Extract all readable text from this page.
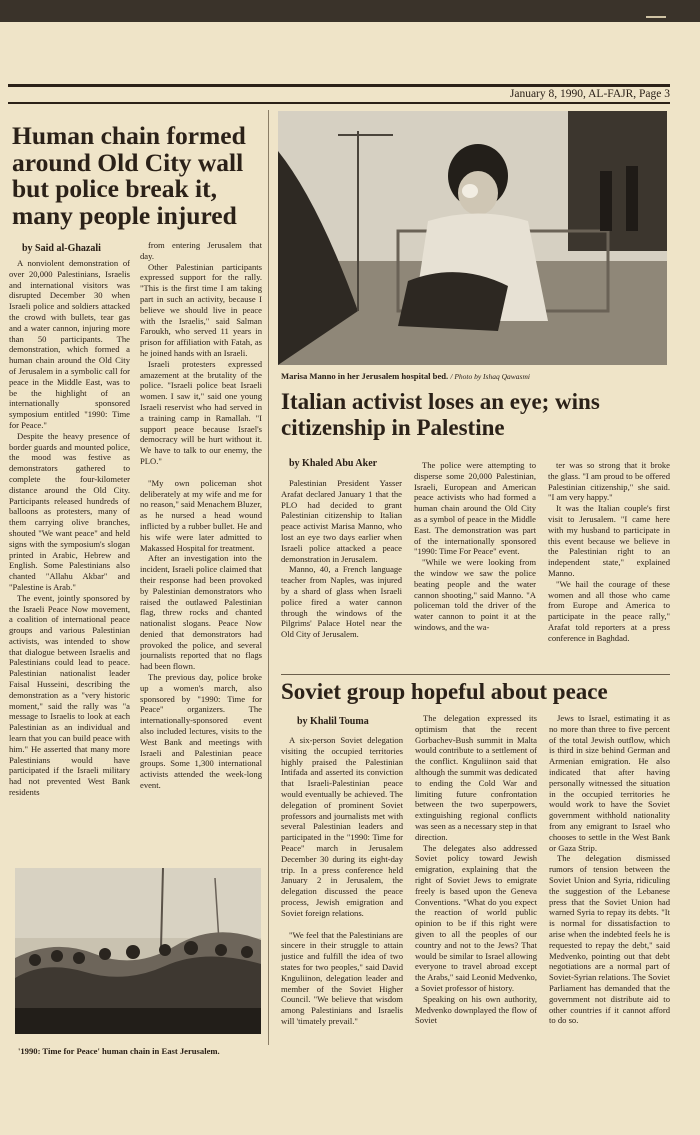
January 8, 1990, AL-FAJR, Page 3
Human chain formed around Old City wall but police break it, many people injured
by Said al-Ghazali

A nonviolent demonstration of over 20,000 Palestinians, Israelis and international visitors was disrupted December 30 when Israeli police and soldiers attacked the crowd with bullets, tear gas and a water cannon, injuring more than 50 participants. The demonstration, which formed a human chain around the Old City of Jerusalem in a symbolic call for peace in the Middle East, was to be the highlight of an internationally sponsored symposium entitled "1990: Time for Peace."

Despite the heavy presence of border guards and mounted police, the mood was festive as demonstrators gathered to complete the four-kilometer distance around the Old City. Participants released hundreds of balloons as protesters, many of them carrying olive branches, shouted "We want peace" and held signs with the symposium's slogan printed in Arabic, Hebrew and English. Some Palestinians also chanted "Allahu Akbar" and "Palestine is Arab."

The event, jointly sponsored by the Israeli Peace Now movement, a coalition of international peace groups and various Palestinian activists, was intended to show that dialogue between Israelis and Palestinians could lead to peace. Palestinian nationalist leader Faisal Husseini, describing the demonstration as a "very historic moment," said the rally was "a message to Israelis to look at each Palestinian as an individual and learn that you can build peace with him." He asserted that many more Palestinians would have participated if the Israeli military had not prevented West Bank residents

from entering Jerusalem that day.

Other Palestinian participants expressed support for the rally. "This is the first time I am taking part in such an activity, because I believe we should live in peace with the Israelis," said Salman Faroukh, who served 11 years in prison for affiliation with Fatah, as he joined hands with an Israeli.

Israeli protesters expressed amazement at the brutality of the police. "Israeli police beat Israeli women. I saw it," said one young Israeli reservist who had served in a training camp in Ramallah. "I support peace because Israel's democracy will be hurt without it. We have to talk to our enemy, the PLO."

"My own policeman shot deliberately at my wife and me for no reason," said Menachem Bluzer, as he nursed a head wound inflicted by a rubber bullet. He and his wife were later admitted to Makassed Hospital for treatment.

After an investigation into the incident, Israeli police claimed that their response had been provoked by Palestinian demonstrators who raised the outlawed Palestinian flag, threw rocks and chanted nationalist slogans. Peace Now denied that demonstrators had provoked the police, and several journalists reported that no flags had been flown.

The previous day, police broke up a women's march, also sponsored by "1990: Time for Peace" organizers. The internationally-sponsored event also included lectures, visits to the West Bank and meetings with Israeli and Palestinian peace groups. Some 1,300 international activists attended the week-long event.

'1990: Time for Peace' human chain in East Jerusalem.
Marisa Manno in her Jerusalem hospital bed. / Photo by Ishaq Qawasmi
Italian activist loses an eye; wins citizenship in Palestine
by Khaled Abu Aker

Palestinian President Yasser Arafat declared January 1 that the PLO had decided to grant Palestinian citizenship to Italian peace activist Marisa Manno, who lost an eye two days earlier when Israeli police attacked a peace demonstration in Jerusalem.

Manno, 40, a French language teacher from Naples, was injured by a shard of glass when Israeli police fired a water cannon through the windows of the Pilgrims' Palace Hotel near the Old City of Jerusalem.

The police were attempting to disperse some 20,000 Palestinian, Israeli, European and American peace activists who had formed a human chain around the Old City as a symbol of peace in the Middle East. The demonstration was part of the internationally sponsored "1990: Time For Peace" event.

"While we were looking from the window we saw the police beating people and the water cannon shooting," said Manno. "A policeman told the driver of the water cannon to point it at the windows, and the wa-

ter was so strong that it broke the glass. "I am proud to be offered Palestinian citizenship," she said. "I am very happy."

It was the Italian couple's first visit to Jerusalem. "I came here with my husband to participate in this event because we believe in the Palestinian right to an independent state," explained Manno.

"We hail the courage of these women and all those who came from Europe and America to participate in the peace rally," Arafat told reporters at a press conference in Baghdad.

Soviet group hopeful about peace
by Khalil Touma

A six-person Soviet delegation visiting the occupied territories highly praised the Palestinian Intifada and asserted its conviction that Israeli-Palestinian peace would eventually be achieved. The delegation of prominent Soviet professors and journalists met with several Palestinian leaders and participated in the "1990: Time for Peace" march in Jerusalem December 30 during its eight-day trip. In a press conference held January 2 in Jerusalem, the delegation discussed the peace process, Jewish emigration and Soviet foreign relations.

"We feel that the Palestinians are sincere in their struggle to attain justice and fulfill the idea of two states for two peoples," said David Knguliinon, delegation leader and member of the Soviet Higher Council. "We believe that wisdom among Palestinians and Israelis will 'timately prevail."

The delegation expressed its optimism that the recent Gorbachev-Bush summit in Malta would contribute to a settlement of the conflict. Knguliinon said that although the summit was dedicated to ending the Cold War and limiting future confrontation between the two superpowers, extinguishing regional conflicts was seen as a necessary step in that direction.

The delegates also addressed Soviet policy toward Jewish emigration, explaining that the right of Soviet Jews to emigrate freely is based upon the Geneva Conventions. "What do you expect the reaction of world public opinion to be if this right were given to all the peoples of our country and not to the Jews? That would be similar to Israel allowing everyone to travel abroad except the Arabs," said Leonid Medvenko, a Soviet professor of history.

Speaking on his own authority, Medvenko downplayed the flow of Soviet

Jews to Israel, estimating it as no more than three to five percent of the total Jewish outflow, which is third in size behind German and Armenian emigration. He also indicated that after having personally witnessed the situation in the occupied territories he would work to have the Soviet government withhold nationality from any emigrant to Israel who chooses to settle in the West Bank or Gaza Strip.

The delegation dismissed rumors of tension between the Soviet Union and Syria, ridiculing the suggestion of the Lebanese press that the Soviet Union had warned Syria to repay its debts. "It is normal for dissatisfaction to arise when the indebted feels he is requested to repay the debt," said Medvenko, pointing out that debt negotiations are a normal part of Soviet-Syrian relations. The Soviet Parliament has demanded that the government not distribute aid to other countries if it cannot afford to do so.
